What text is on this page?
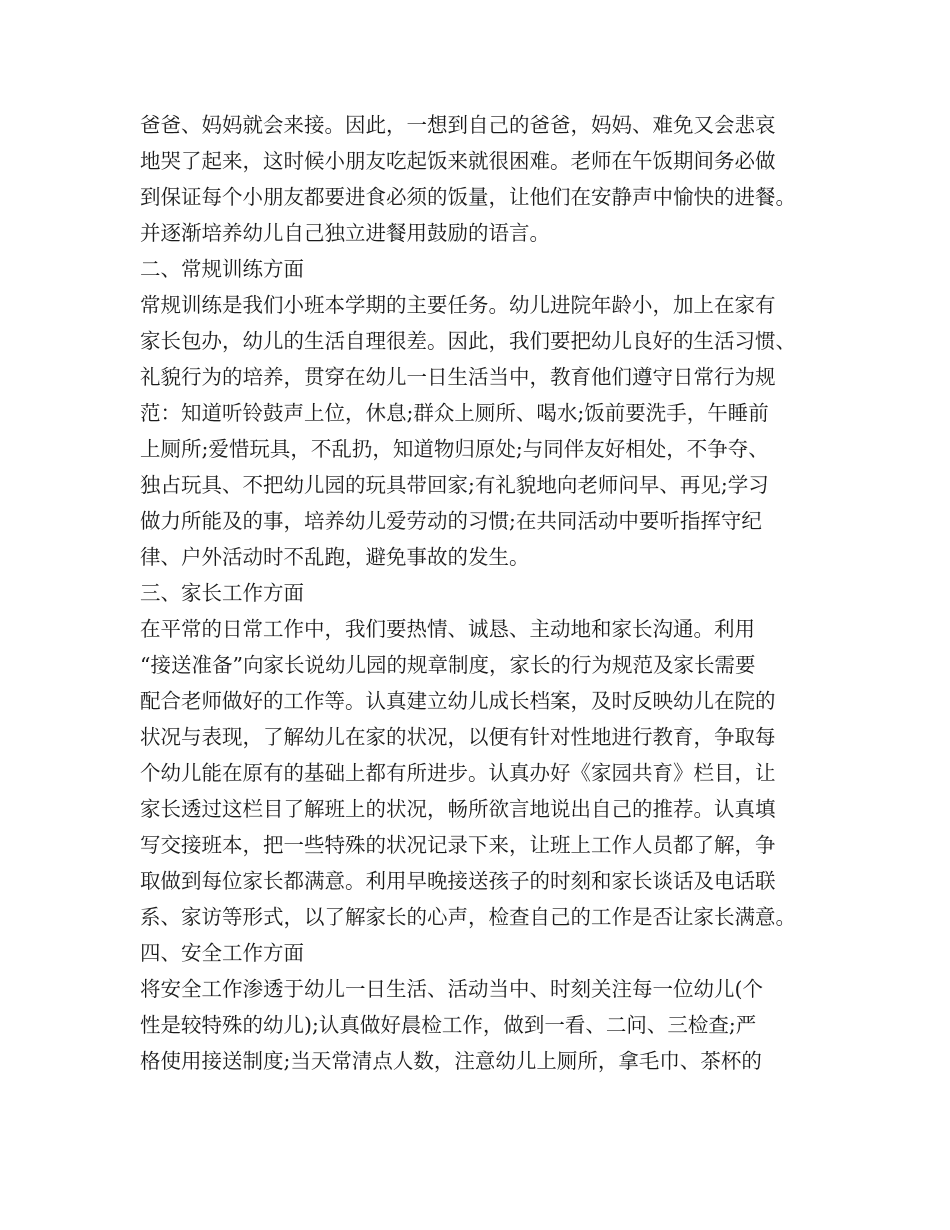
爸爸、妈妈就会来接。因此，一想到自己的爸爸，妈妈、难免又会悲哀
地哭了起来，这时候小朋友吃起饭来就很困难。老师在午饭期间务必做
到保证每个小朋友都要进食必须的饭量，让他们在安静声中愉快的进餐。
并逐渐培养幼儿自己独立进餐用鼓励的语言。
二、常规训练方面
常规训练是我们小班本学期的主要任务。幼儿进院年龄小，加上在家有
家长包办，幼儿的生活自理很差。因此，我们要把幼儿良好的生活习惯、
礼貌行为的培养，贯穿在幼儿一日生活当中，教育他们遵守日常行为规
范：知道听铃鼓声上位，休息;群众上厕所、喝水;饭前要洗手，午睡前
上厕所;爱惜玩具，不乱扔，知道物归原处;与同伴友好相处，不争夺、
独占玩具、不把幼儿园的玩具带回家;有礼貌地向老师问早、再见;学习
做力所能及的事，培养幼儿爱劳动的习惯;在共同活动中要听指挥守纪
律、户外活动时不乱跑，避免事故的发生。
三、家长工作方面
在平常的日常工作中，我们要热情、诚恳、主动地和家长沟通。利用
“接送准备”向家长说幼儿园的规章制度，家长的行为规范及家长需要
配合老师做好的工作等。认真建立幼儿成长档案，及时反映幼儿在院的
状况与表现，了解幼儿在家的状况，以便有针对性地进行教育，争取每
个幼儿能在原有的基础上都有所进步。认真办好《家园共育》栏目，让
家长透过这栏目了解班上的状况，畅所欲言地说出自己的推荐。认真填
写交接班本，把一些特殊的状况记录下来，让班上工作人员都了解，争
取做到每位家长都满意。利用早晚接送孩子的时刻和家长谈话及电话联
系、家访等形式，以了解家长的心声，检查自己的工作是否让家长满意。
四、安全工作方面
将安全工作渗透于幼儿一日生活、活动当中、时刻关注每一位幼儿(个
性是较特殊的幼儿);认真做好晨检工作，做到一看、二问、三检查;严
格使用接送制度;当天常清点人数，注意幼儿上厕所，拿毛巾、茶杯的
